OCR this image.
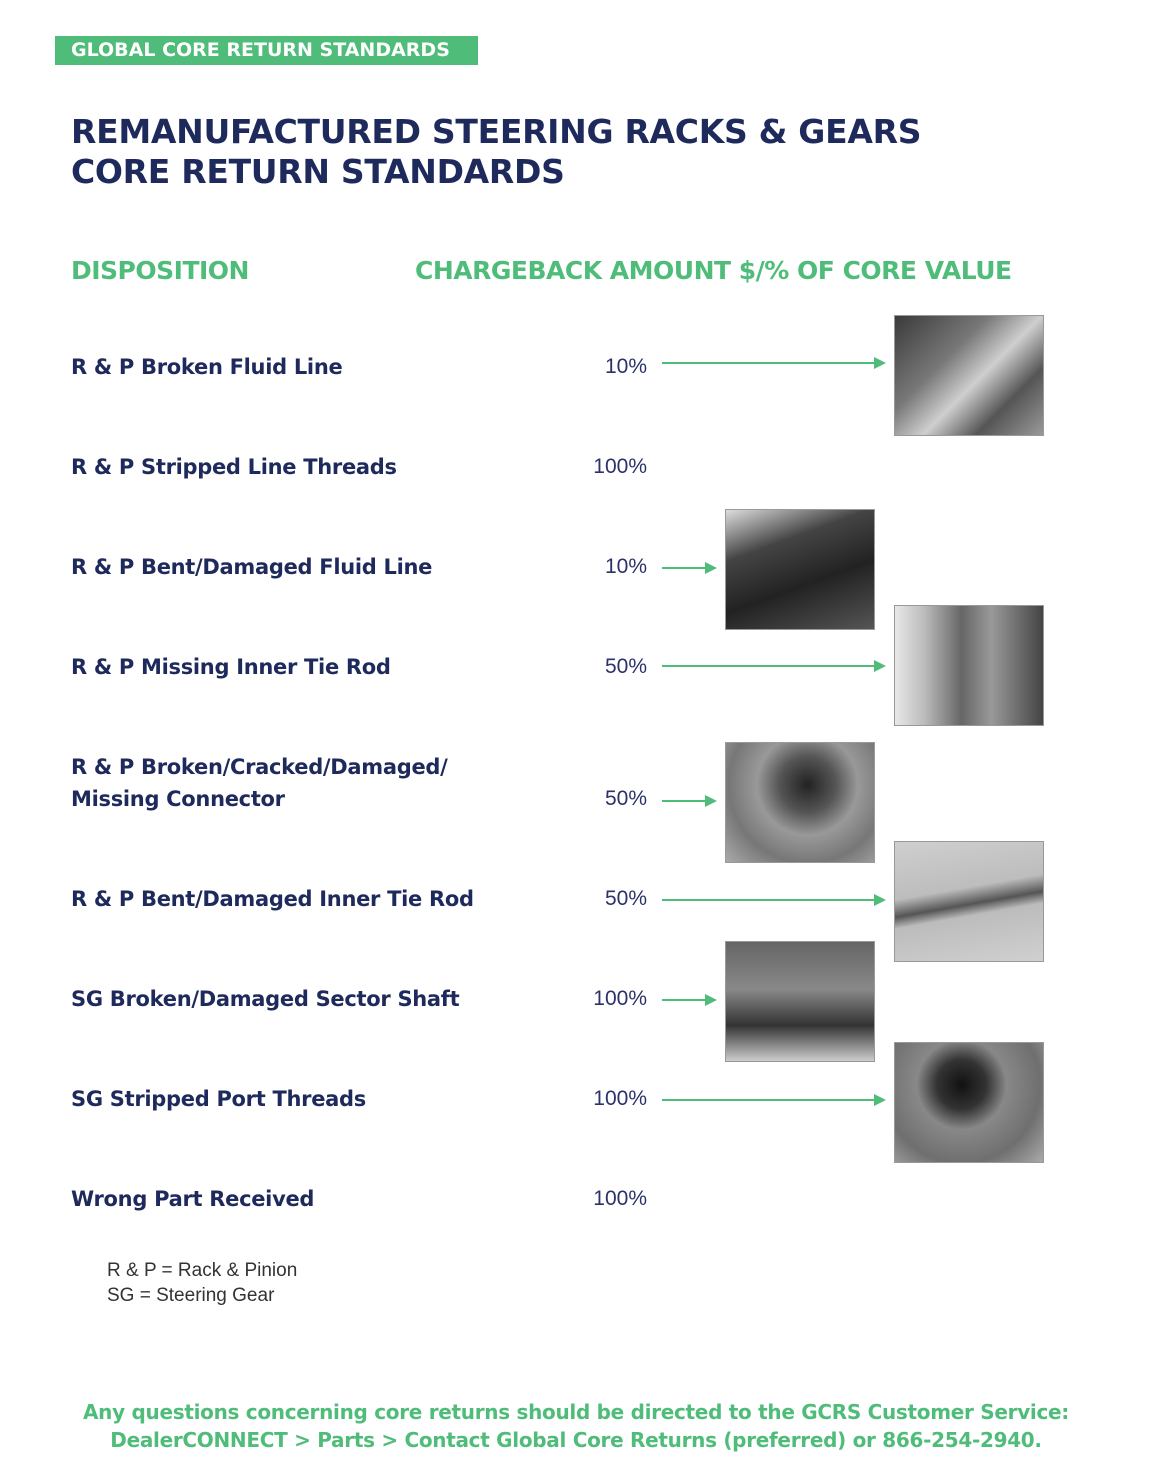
GLOBAL CORE RETURN STANDARDS
REMANUFACTURED STEERING RACKS & GEARS
CORE RETURN STANDARDS
DISPOSITION	CHARGEBACK AMOUNT $/% OF CORE VALUE
R & P Broken Fluid Line	10%
R & P Stripped Line Threads	100%
R & P Bent/Damaged Fluid Line	10%
R & P Missing Inner Tie Rod	50%
R & P Broken/Cracked/Damaged/
Missing Connector	50%
R & P Bent/Damaged Inner Tie Rod	50%
SG Broken/Damaged Sector Shaft	100%
SG Stripped Port Threads	100%
Wrong Part Received	100%
R & P = Rack & Pinion
SG = Steering Gear
Any questions concerning core returns should be directed to the GCRS Customer Service:
DealerCONNECT > Parts > Contact Global Core Returns (preferred) or 866-254-2940.
